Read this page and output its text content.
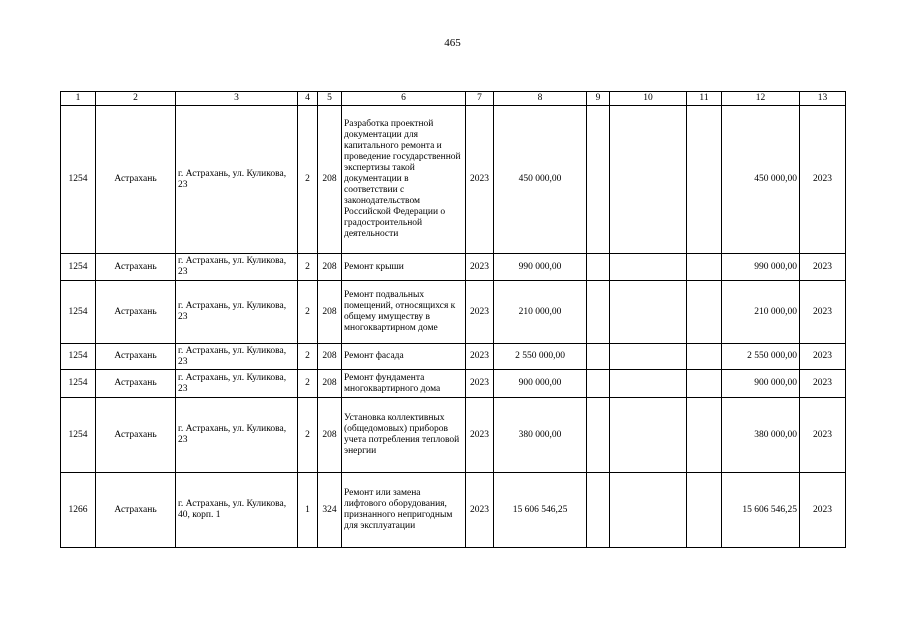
465
1	2	3	4	5	6	7	8	9	10	11	12	13
1254	Астрахань	г. Астрахань, ул. Куликова, 23	2	208	Разработка проектной документации для капитального ремонта и проведение государственной экспертизы такой документации в соответствии с законодательством Российской Федерации о градостроительной деятельности	2023	450 000,00				450 000,00	2023
1254	Астрахань	г. Астрахань, ул. Куликова, 23	2	208	Ремонт крыши	2023	990 000,00				990 000,00	2023
1254	Астрахань	г. Астрахань, ул. Куликова, 23	2	208	Ремонт подвальных помещений, относящихся к общему имуществу в многоквартирном доме	2023	210 000,00				210 000,00	2023
1254	Астрахань	г. Астрахань, ул. Куликова, 23	2	208	Ремонт фасада	2023	2 550 000,00				2 550 000,00	2023
1254	Астрахань	г. Астрахань, ул. Куликова, 23	2	208	Ремонт фундамента многоквартирного дома	2023	900 000,00				900 000,00	2023
1254	Астрахань	г. Астрахань, ул. Куликова, 23	2	208	Установка коллективных (общедомовых) приборов учета потребления тепловой энергии	2023	380 000,00				380 000,00	2023
1266	Астрахань	г. Астрахань, ул. Куликова, 40, корп. 1	1	324	Ремонт или замена лифтового оборудования, признанного непригодным для эксплуатации	2023	15 606 546,25				15 606 546,25	2023
